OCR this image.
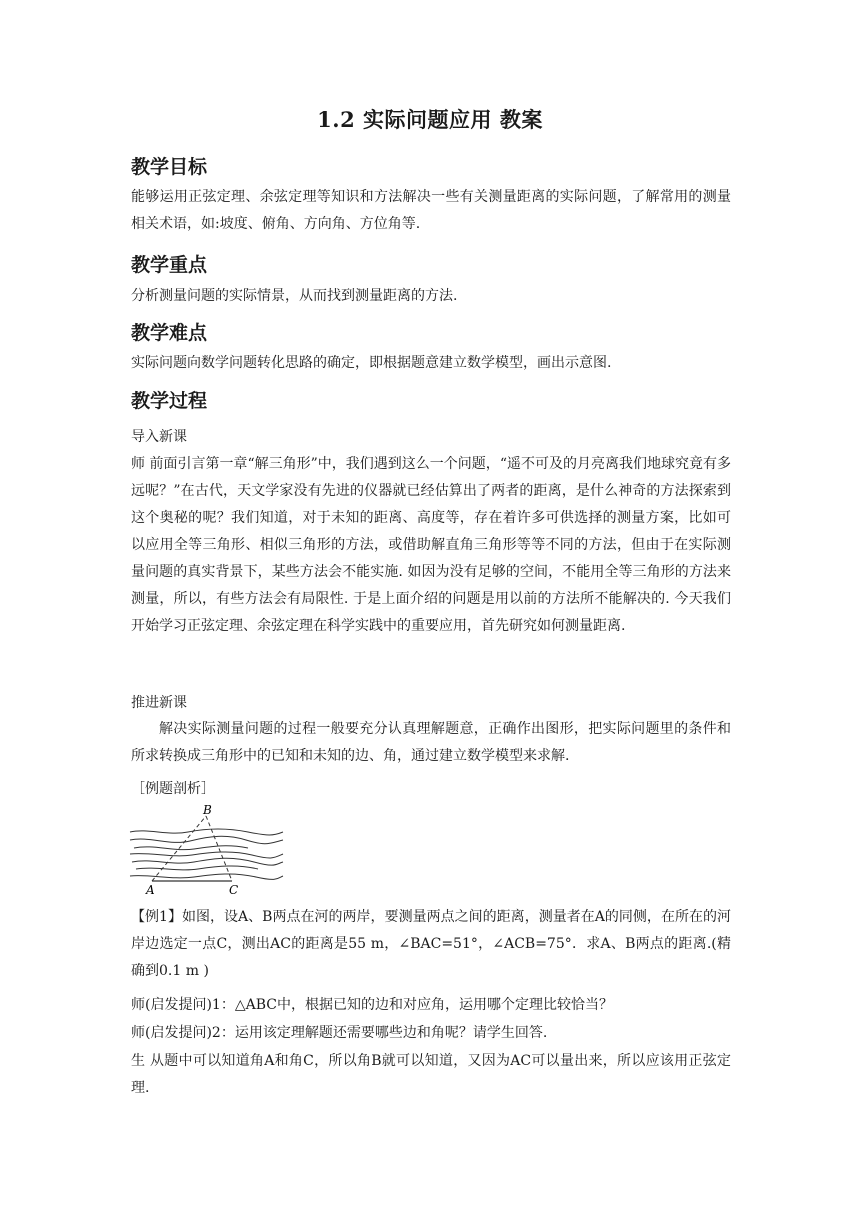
1.2 实际问题应用 教案
教学目标

能够运用正弦定理、余弦定理等知识和方法解决一些有关测量距离的实际问题，了解常用的测量相关术语，如:坡度、俯角、方向角、方位角等.

教学重点

分析测量问题的实际情景，从而找到测量距离的方法.

教学难点

实际问题向数学问题转化思路的确定，即根据题意建立数学模型，画出示意图.

教学过程
导入新课

师 前面引言第一章“解三角形”中，我们遇到这么一个问题，“遥不可及的月亮离我们地球究竟有多远呢？”在古代，天文学家没有先进的仪器就已经估算出了两者的距离，是什么神奇的方法探索到这个奥秘的呢？我们知道，对于未知的距离、高度等，存在着许多可供选择的测量方案，比如可以应用全等三角形、相似三角形的方法，或借助解直角三角形等等不同的方法，但由于在实际测量问题的真实背景下，某些方法会不能实施. 如因为没有足够的空间，不能用全等三角形的方法来测量，所以，有些方法会有局限性. 于是上面介绍的问题是用以前的方法所不能解决的. 今天我们开始学习正弦定理、余弦定理在科学实践中的重要应用，首先研究如何测量距离.

推进新课

解决实际测量问题的过程一般要充分认真理解题意，正确作出图形，把实际问题里的条件和所求转换成三角形中的已知和未知的边、角，通过建立数学模型来求解.

［例题剖析］
B
A	C

【例1】如图，设A、B两点在河的两岸，要测量两点之间的距离，测量者在A的同侧，在所在的河岸边选定一点C，测出AC的距离是55 m，∠BAC=51°，∠ACB=75°．求A、B两点的距离.(精确到0.1 m )

师(启发提问)1：△ABC中，根据已知的边和对应角，运用哪个定理比较恰当？
师(启发提问)2：运用该定理解题还需要哪些边和角呢？请学生回答.

生 从题中可以知道角A和角C，所以角B就可以知道，又因为AC可以量出来，所以应该用正弦定理.
